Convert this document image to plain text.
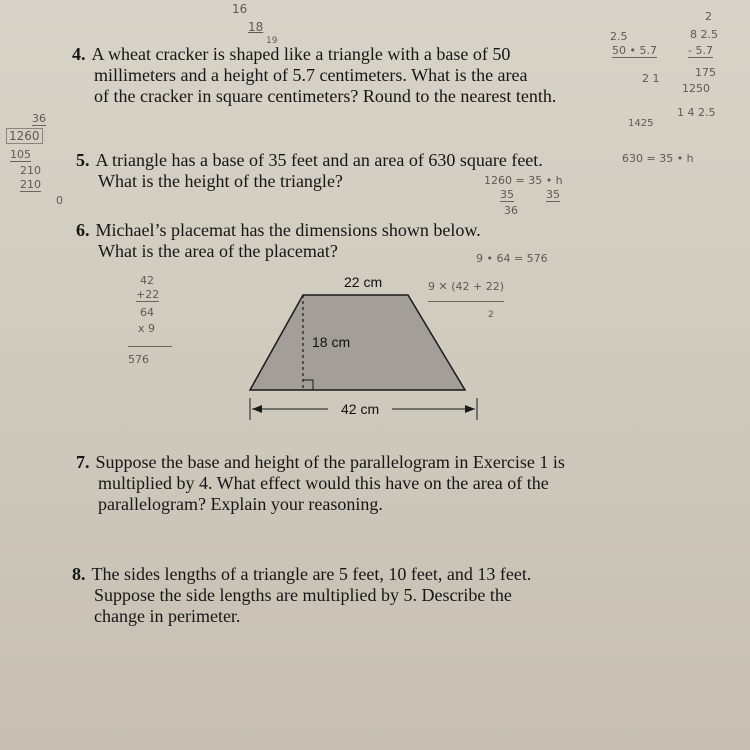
16
18
19	2.5
50 • 5.7
2 1
2
8 2.5
- 5.7
175
1250
1 4 2.5
1425
36
1260
105
210
210
0
630 = 35 • h
1260 = 35 • h
35	35
36
9 • 64 = 576
9 ✕ (42 + 22)
2
42
+22
64
x 9
576
4. A wheat cracker is shaped like a triangle with a base of 50
millimeters and a height of 5.7 centimeters. What is the area
of the cracker in square centimeters? Round to the nearest tenth.
5. A triangle has a base of 35 feet and an area of 630 square feet.
What is the height of the triangle?
6. Michael’s placemat has the dimensions shown below.
What is the area of the placemat?
22 cm
18 cm
42 cm
7. Suppose the base and height of the parallelogram in Exercise 1 is
multiplied by 4. What effect would this have on the area of the
parallelogram? Explain your reasoning.
8. The sides lengths of a triangle are 5 feet, 10 feet, and 13 feet.
Suppose the side lengths are multiplied by 5. Describe the
change in perimeter.
